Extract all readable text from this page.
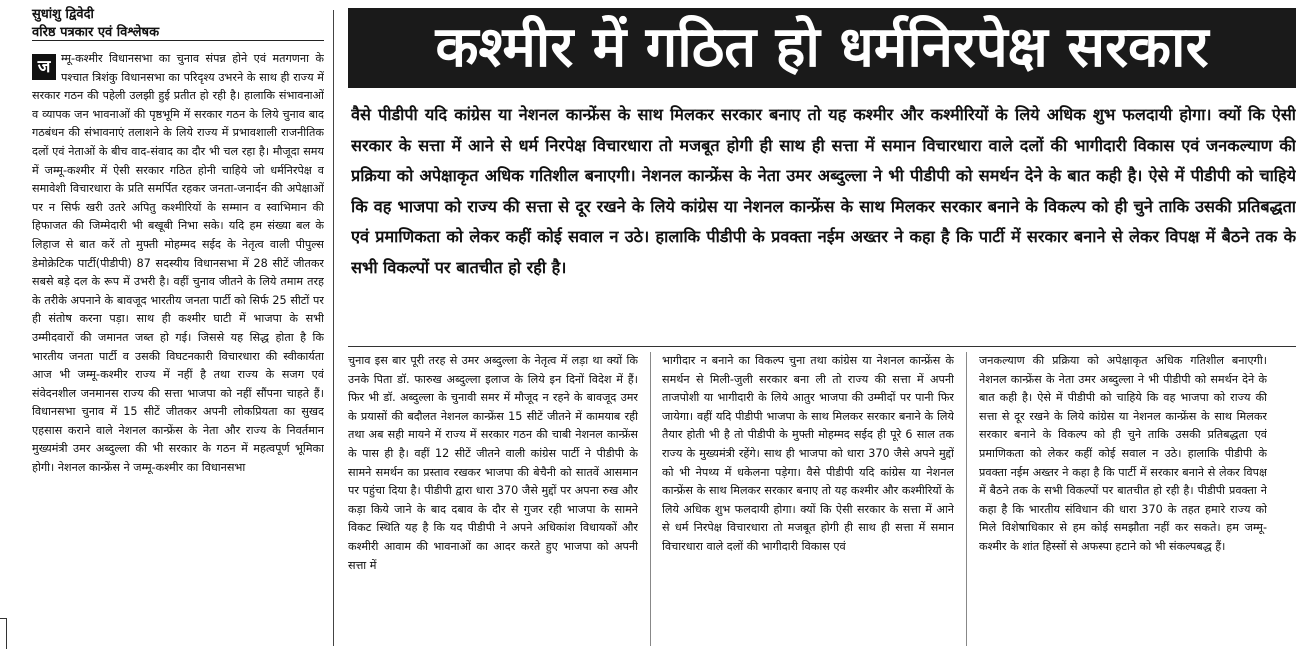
सुधांशु द्विवेदी
वरिष्ठ पत्रकार एवं विश्लेषक
ज म्मू-कश्मीर विधानसभा का चुनाव संपन्न होने एवं मतगणना के पश्चात त्रिशंकु विधानसभा का परिदृश्य उभरने के साथ ही राज्य में सरकार गठन की पहेली उलझी हुई प्रतीत हो रही है। हालाकि संभावनाओं व व्यापक जन भावनाओं की पृष्ठभूमि में सरकार गठन के लिये चुनाव बाद गठबंधन की संभावनाएं तलाशने के लिये राज्य में प्रभावशाली राजनीतिक दलों एवं नेताओं के बीच वाद-संवाद का दौर भी चल रहा है। मौजूदा समय में जम्मू-कश्मीर में ऐसी सरकार गठित होनी चाहिये जो धर्मनिरपेक्ष व समावेशी विचारधारा के प्रति समर्पित रहकर जनता-जनार्दन की अपेक्षाओं पर न सिर्फ खरी उतरे अपितु कश्मीरियों के सम्मान व स्वाभिमान की हिफाजत की जिम्मेदारी भी बखूबी निभा सके। यदि हम संख्या बल के लिहाज से बात करें तो मुफ्ती मोहम्मद सईद के नेतृत्व वाली पीपुल्स डेमोक्रेटिक पार्टी(पीडीपी) 87 सदस्यीय विधानसभा में 28 सीटें जीतकर सबसे बड़े दल के रूप में उभरी है। वहीं चुनाव जीतने के लिये तमाम तरह के तरीके अपनाने के बावजूद भारतीय जनता पार्टी को सिर्फ 25 सीटों पर ही संतोष करना पड़ा। साथ ही कश्मीर घाटी में भाजपा के सभी उम्मीदवारों की जमानत जब्त हो गई। जिससे यह सिद्ध होता है कि भारतीय जनता पार्टी व उसकी विघटनकारी विचारधारा की स्वीकार्यता आज भी जम्मू-कश्मीर राज्य में नहीं है तथा राज्य के सजग एवं संवेदनशील जनमानस राज्य की सत्ता भाजपा को नहीं सौंपना चाहते हैं। विधानसभा चुनाव में 15 सीटें जीतकर अपनी लोकप्रियता का सुखद एहसास कराने वाले नेशनल कान्फ्रेंस के नेता और राज्य के निवर्तमान मुख्यमंत्री उमर अब्दुल्ला की भी सरकार के गठन में महत्वपूर्ण भूमिका होगी। नेशनल कान्फ्रेंस ने जम्मू-कश्मीर का विधानसभा

कश्मीर में गठित हो धर्मनिरपेक्ष सरकार
वैसे पीडीपी यदि कांग्रेस या नेशनल कान्फ्रेंस के साथ मिलकर सरकार बनाए तो यह कश्मीर और कश्मीरियों के लिये अधिक शुभ फलदायी होगा। क्यों कि ऐसी सरकार के सत्ता में आने से धर्म निरपेक्ष विचारधारा तो मजबूत होगी ही साथ ही सत्ता में समान विचारधारा वाले दलों की भागीदारी विकास एवं जनकल्याण की प्रक्रिया को अपेक्षाकृत अधिक गतिशील बनाएगी। नेशनल कान्फ्रेंस के नेता उमर अब्दुल्ला ने भी पीडीपी को समर्थन देने के बात कही है। ऐसे में पीडीपी को चाहिये कि वह भाजपा को राज्य की सत्ता से दूर रखने के लिये कांग्रेस या नेशनल कान्फ्रेंस के साथ मिलकर सरकार बनाने के विकल्प को ही चुने ताकि उसकी प्रतिबद्धता एवं प्रमाणिकता को लेकर कहीं कोई सवाल न उठे। हालाकि पीडीपी के प्रवक्ता नईम अख्तर ने कहा है कि पार्टी में सरकार बनाने से लेकर विपक्ष में बैठने तक के सभी विकल्पों पर बातचीत हो रही है।

चुनाव इस बार पूरी तरह से उमर अब्दुल्ला के नेतृत्व में लड़ा था क्यों कि उनके पिता डॉ. फारुख अब्दुल्ला इलाज के लिये इन दिनों विदेश में हैं। फिर भी डॉ. अब्दुल्ला के चुनावी समर में मौजूद न रहने के बावजूद उमर के प्रयासों की बदौलत नेशनल कान्फ्रेंस 15 सीटें जीतने में कामयाब रही तथा अब सही मायने में राज्य में सरकार गठन की चाबी नेशनल कान्फ्रेंस के पास ही है। वहीं 12 सीटें जीतने वाली कांग्रेस पार्टी ने पीडीपी के सामने समर्थन का प्रस्ताव रखकर भाजपा की बेचैनी को सातवें आसमान पर पहुंचा दिया है। पीडीपी द्वारा धारा 370 जैसे मुद्दों पर अपना रुख और कड़ा किये जाने के बाद दबाव के दौर से गुजर रही भाजपा के सामने विकट स्थिति यह है कि यद पीडीपी ने अपने अधिकांश विधायकों और कश्मीरी आवाम की भावनाओं का आदर करते हुए भाजपा को अपनी सत्ता में

भागीदार न बनाने का विकल्प चुना तथा कांग्रेस या नेशनल कान्फ्रेंस के समर्थन से मिली-जुली सरकार बना ली तो राज्य की सत्ता में अपनी ताजपोशी या भागीदारी के लिये आतुर भाजपा की उम्मीदों पर पानी फिर जायेगा। वहीं यदि पीडीपी भाजपा के साथ मिलकर सरकार बनाने के लिये तैयार होती भी है तो पीडीपी के मुफ्ती मोहम्मद सईद ही पूरे 6 साल तक राज्य के मुख्यमंत्री रहेंगे। साथ ही भाजपा को धारा 370 जैसे अपने मुद्दों को भी नेपथ्य में धकेलना पड़ेगा। वैसे पीडीपी यदि कांग्रेस या नेशनल कान्फ्रेंस के साथ मिलकर सरकार बनाए तो यह कश्मीर और कश्मीरियों के लिये अधिक शुभ फलदायी होगा। क्यों कि ऐसी सरकार के सत्ता में आने से धर्म निरपेक्ष विचारधारा तो मजबूत होगी ही साथ ही सत्ता में समान विचारधारा वाले दलों की भागीदारी विकास एवं

जनकल्याण की प्रक्रिया को अपेक्षाकृत अधिक गतिशील बनाएगी। नेशनल कान्फ्रेंस के नेता उमर अब्दुल्ला ने भी पीडीपी को समर्थन देने के बात कही है। ऐसे में पीडीपी को चाहिये कि वह भाजपा को राज्य की सत्ता से दूर रखने के लिये कांग्रेस या नेशनल कान्फ्रेंस के साथ मिलकर सरकार बनाने के विकल्प को ही चुने ताकि उसकी प्रतिबद्धता एवं प्रमाणिकता को लेकर कहीं कोई सवाल न उठे। हालाकि पीडीपी के प्रवक्ता नईम अख्तर ने कहा है कि पार्टी में सरकार बनाने से लेकर विपक्ष में बैठने तक के सभी विकल्पों पर बातचीत हो रही है। पीडीपी प्रवक्ता ने कहा है कि भारतीय संविधान की धारा 370 के तहत हमारे राज्य को मिले विशेषाधिकार से हम कोई समझौता नहीं कर सकते। हम जम्मू-कश्मीर के शांत हिस्सों से अफस्पा हटाने को भी संकल्पबद्ध हैं।
